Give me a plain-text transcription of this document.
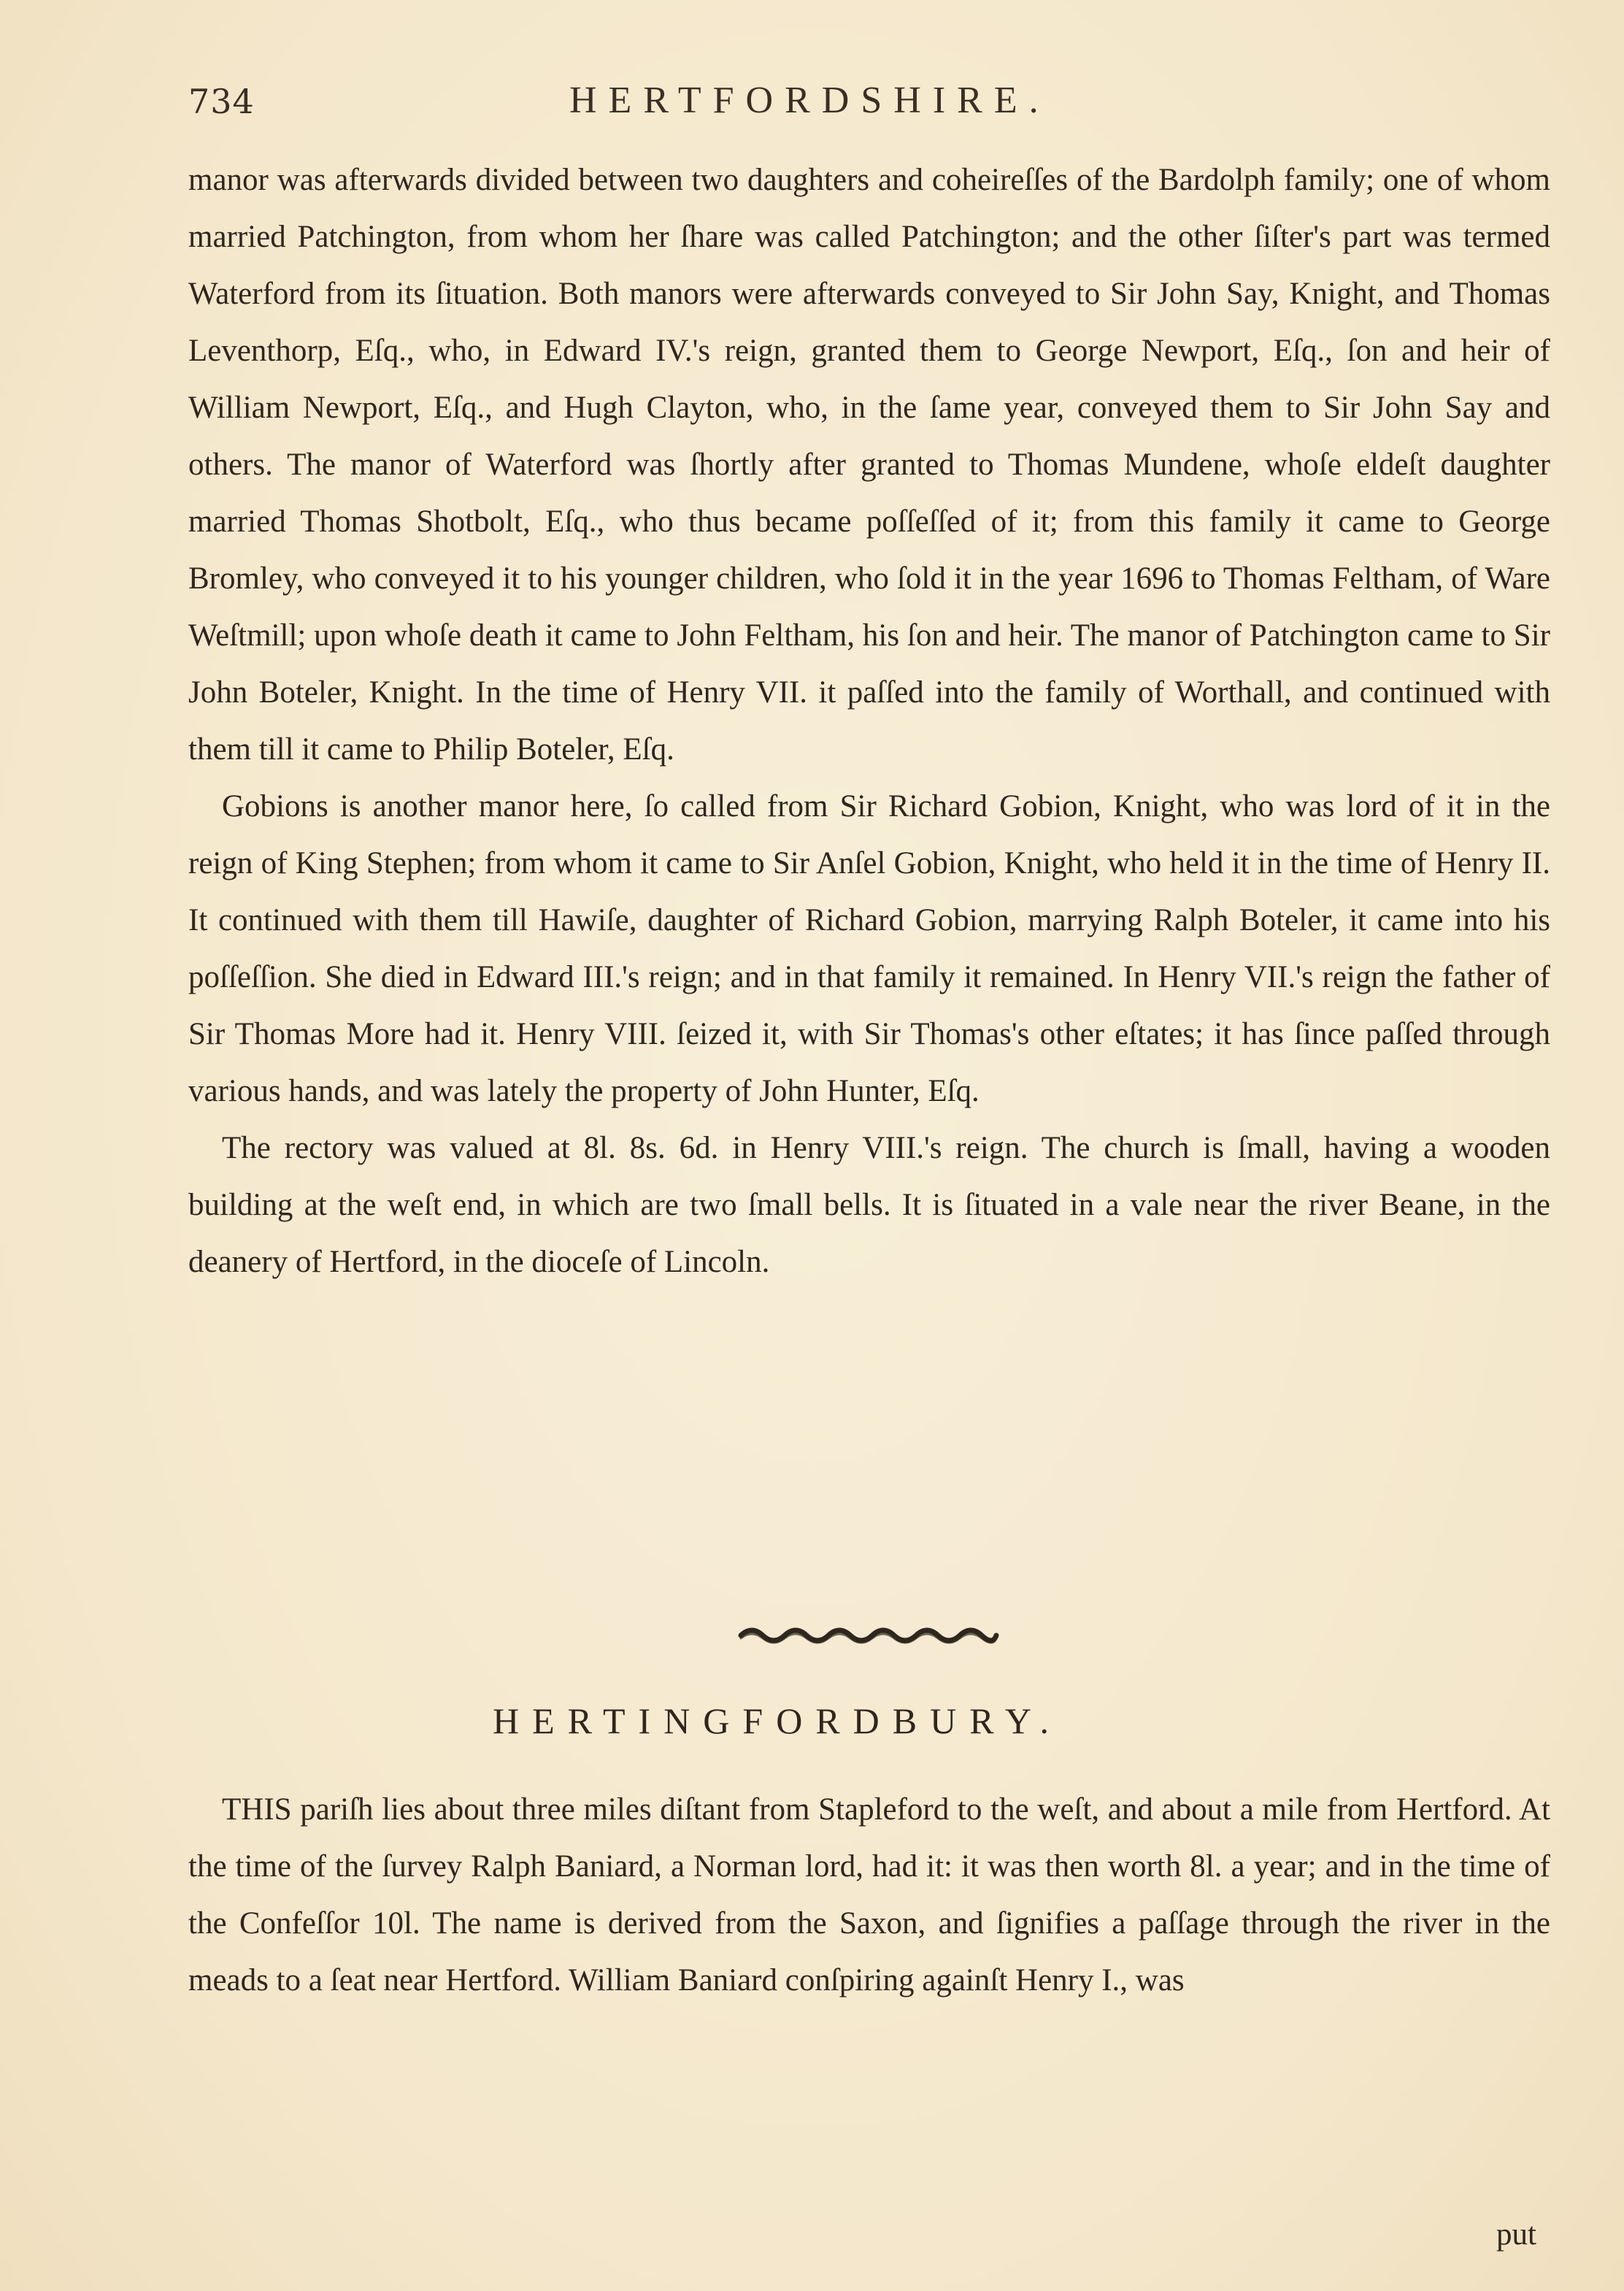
734	HERTFORDSHIRE.

manor was afterwards divided between two daughters and coheireſſes of the Bardolph family; one of whom married Patchington, from whom her ſhare was called Patchington; and the other ſiſter's part was termed Waterford from its ſituation. Both manors were afterwards conveyed to Sir John Say, Knight, and Thomas Leventhorp, Eſq., who, in Edward IV.'s reign, granted them to George Newport, Eſq., ſon and heir of William Newport, Eſq., and Hugh Clayton, who, in the ſame year, conveyed them to Sir John Say and others. The manor of Waterford was ſhortly after granted to Thomas Mundene, whoſe eldeſt daughter married Thomas Shotbolt, Eſq., who thus became poſſeſſed of it; from this family it came to George Bromley, who conveyed it to his younger children, who ſold it in the year 1696 to Thomas Feltham, of Ware Weſtmill; upon whoſe death it came to John Feltham, his ſon and heir. The manor of Patchington came to Sir John Boteler, Knight. In the time of Henry VII. it paſſed into the family of Worthall, and continued with them till it came to Philip Boteler, Eſq.

Gobions is another manor here, ſo called from Sir Richard Gobion, Knight, who was lord of it in the reign of King Stephen; from whom it came to Sir Anſel Gobion, Knight, who held it in the time of Henry II. It continued with them till Hawiſe, daughter of Richard Gobion, marrying Ralph Boteler, it came into his poſſeſſion. She died in Edward III.'s reign; and in that family it remained. In Henry VII.'s reign the father of Sir Thomas More had it. Henry VIII. ſeized it, with Sir Thomas's other eſtates; it has ſince paſſed through various hands, and was lately the property of John Hunter, Eſq.

The rectory was valued at 8l. 8s. 6d. in Henry VIII.'s reign. The church is ſmall, having a wooden building at the weſt end, in which are two ſmall bells. It is ſituated in a vale near the river Beane, in the deanery of Hertford, in the dioceſe of Lincoln.

HERTINGFORDBURY.

THIS pariſh lies about three miles diſtant from Stapleford to the weſt, and about a mile from Hertford. At the time of the ſurvey Ralph Baniard, a Norman lord, had it: it was then worth 8l. a year; and in the time of the Confeſſor 10l. The name is derived from the Saxon, and ſignifies a paſſage through the river in the meads to a ſeat near Hertford. William Baniard conſpiring againſt Henry I., was

put
